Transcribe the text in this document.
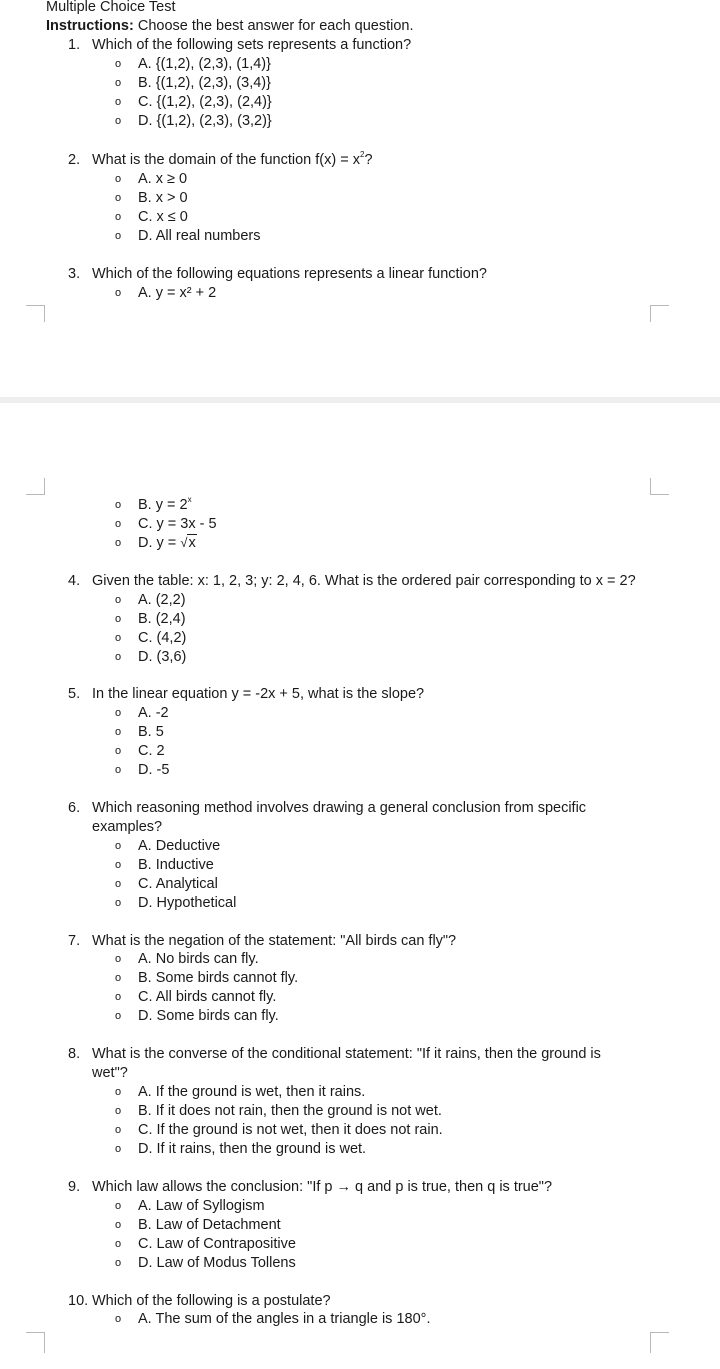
Multiple Choice Test
Instructions: Choose the best answer for each question.
1. Which of the following sets represents a function?
o A. {(1,2), (2,3), (1,4)}
o B. {(1,2), (2,3), (3,4)}
o C. {(1,2), (2,3), (2,4)}
o D. {(1,2), (2,3), (3,2)}
2. What is the domain of the function $f(x) = x^2$?
o A. x ≥ 0
o B. x > 0
o C. x ≤ 0
o D. All real numbers
3. Which of the following equations represents a linear function?
o A. y = x² + 2
o B. $y = 2^x$
o C. y = 3x - 5
o D. y = √x
4. Given the table: x: 1, 2, 3; y: 2, 4, 6. What is the ordered pair corresponding to x = 2?
o A. (2,2)
o B. (2,4)
o C. (4,2)
o D. (3,6)
5. In the linear equation y = -2x + 5, what is the slope?
o A. -2
o B. 5
o C. 2
o D. -5
6. Which reasoning method involves drawing a general conclusion from specific
examples?
o A. Deductive
o B. Inductive
o C. Analytical
o D. Hypothetical
7. What is the negation of the statement: "All birds can fly"?
o A. No birds can fly.
o B. Some birds cannot fly.
o C. All birds cannot fly.
o D. Some birds can fly.
8. What is the converse of the conditional statement: "If it rains, then the ground is
wet"?
o A. If the ground is wet, then it rains.
o B. If it does not rain, then the ground is not wet.
o C. If the ground is not wet, then it does not rain.
o D. If it rains, then the ground is wet.
9. Which law allows the conclusion: "If p → q and p is true, then q is true"?
o A. Law of Syllogism
o B. Law of Detachment
o C. Law of Contrapositive
o D. Law of Modus Tollens
10. Which of the following is a postulate?
o A. The sum of the angles in a triangle is 180°.
